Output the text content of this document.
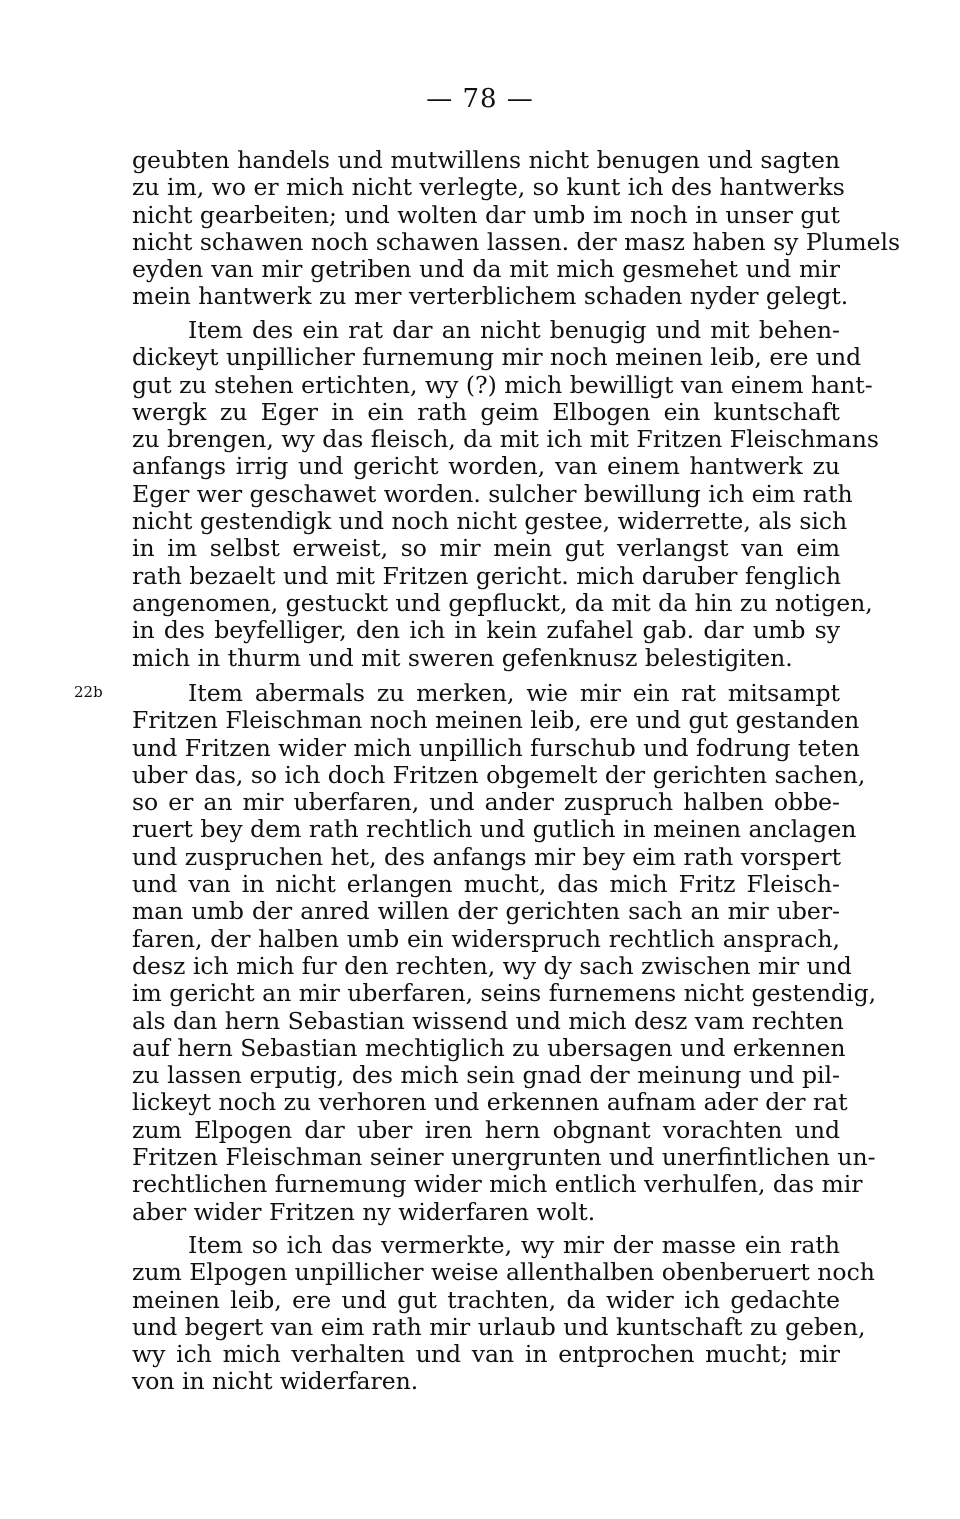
— 78 —
22b
geubten handels und mutwillens nicht benugen und sagten
zu im, wo er mich nicht verlegte, so kunt ich des hantwerks
nicht gearbeiten; und wolten dar umb im noch in unser gut
nicht schawen noch schawen lassen. der masz haben sy Plumels
eyden van mir getriben und da mit mich gesmehet und mir
mein hantwerk zu mer verterblichem schaden nyder gelegt.
Item des ein rat dar an nicht benugig und mit behen-
dickeyt unpillicher furnemung mir noch meinen leib, ere und
gut zu stehen ertichten, wy (?) mich bewilligt van einem hant-
wergk zu Eger in ein rath geim Elbogen ein kuntschaft
zu brengen, wy das fleisch, da mit ich mit Fritzen Fleischmans
anfangs irrig und gericht worden, van einem hantwerk zu
Eger wer geschawet worden. sulcher bewillung ich eim rath
nicht gestendigk und noch nicht gestee, widerrette, als sich
in im selbst erweist, so mir mein gut verlangst van eim
rath bezaelt und mit Fritzen gericht. mich daruber fenglich
angenomen, gestuckt und gepfluckt, da mit da hin zu notigen,
in des beyfelliger, den ich in kein zufahel gab. dar umb sy
mich in thurm und mit sweren gefenknusz belestigiten.
Item abermals zu merken, wie mir ein rat mitsampt
Fritzen Fleischman noch meinen leib, ere und gut gestanden
und Fritzen wider mich unpillich furschub und fodrung teten
uber das, so ich doch Fritzen obgemelt der gerichten sachen,
so er an mir uberfaren, und ander zuspruch halben obbe-
ruert bey dem rath rechtlich und gutlich in meinen anclagen
und zuspruchen het, des anfangs mir bey eim rath vorspert
und van in nicht erlangen mucht, das mich Fritz Fleisch-
man umb der anred willen der gerichten sach an mir uber-
faren, der halben umb ein widerspruch rechtlich ansprach,
desz ich mich fur den rechten, wy dy sach zwischen mir und
im gericht an mir uberfaren, seins furnemens nicht gestendig,
als dan hern Sebastian wissend und mich desz vam rechten
auf hern Sebastian mechtiglich zu ubersagen und erkennen
zu lassen erputig, des mich sein gnad der meinung und pil-
lickeyt noch zu verhoren und erkennen aufnam ader der rat
zum Elpogen dar uber iren hern obgnant vorachten und
Fritzen Fleischman seiner unergrunten und unerfintlichen un-
rechtlichen furnemung wider mich entlich verhulfen, das mir
aber wider Fritzen ny widerfaren wolt.
Item so ich das vermerkte, wy mir der masse ein rath
zum Elpogen unpillicher weise allenthalben obenberuert noch
meinen leib, ere und gut trachten, da wider ich gedachte
und begert van eim rath mir urlaub und kuntschaft zu geben,
wy ich mich verhalten und van in entprochen mucht; mir
von in nicht widerfaren.
